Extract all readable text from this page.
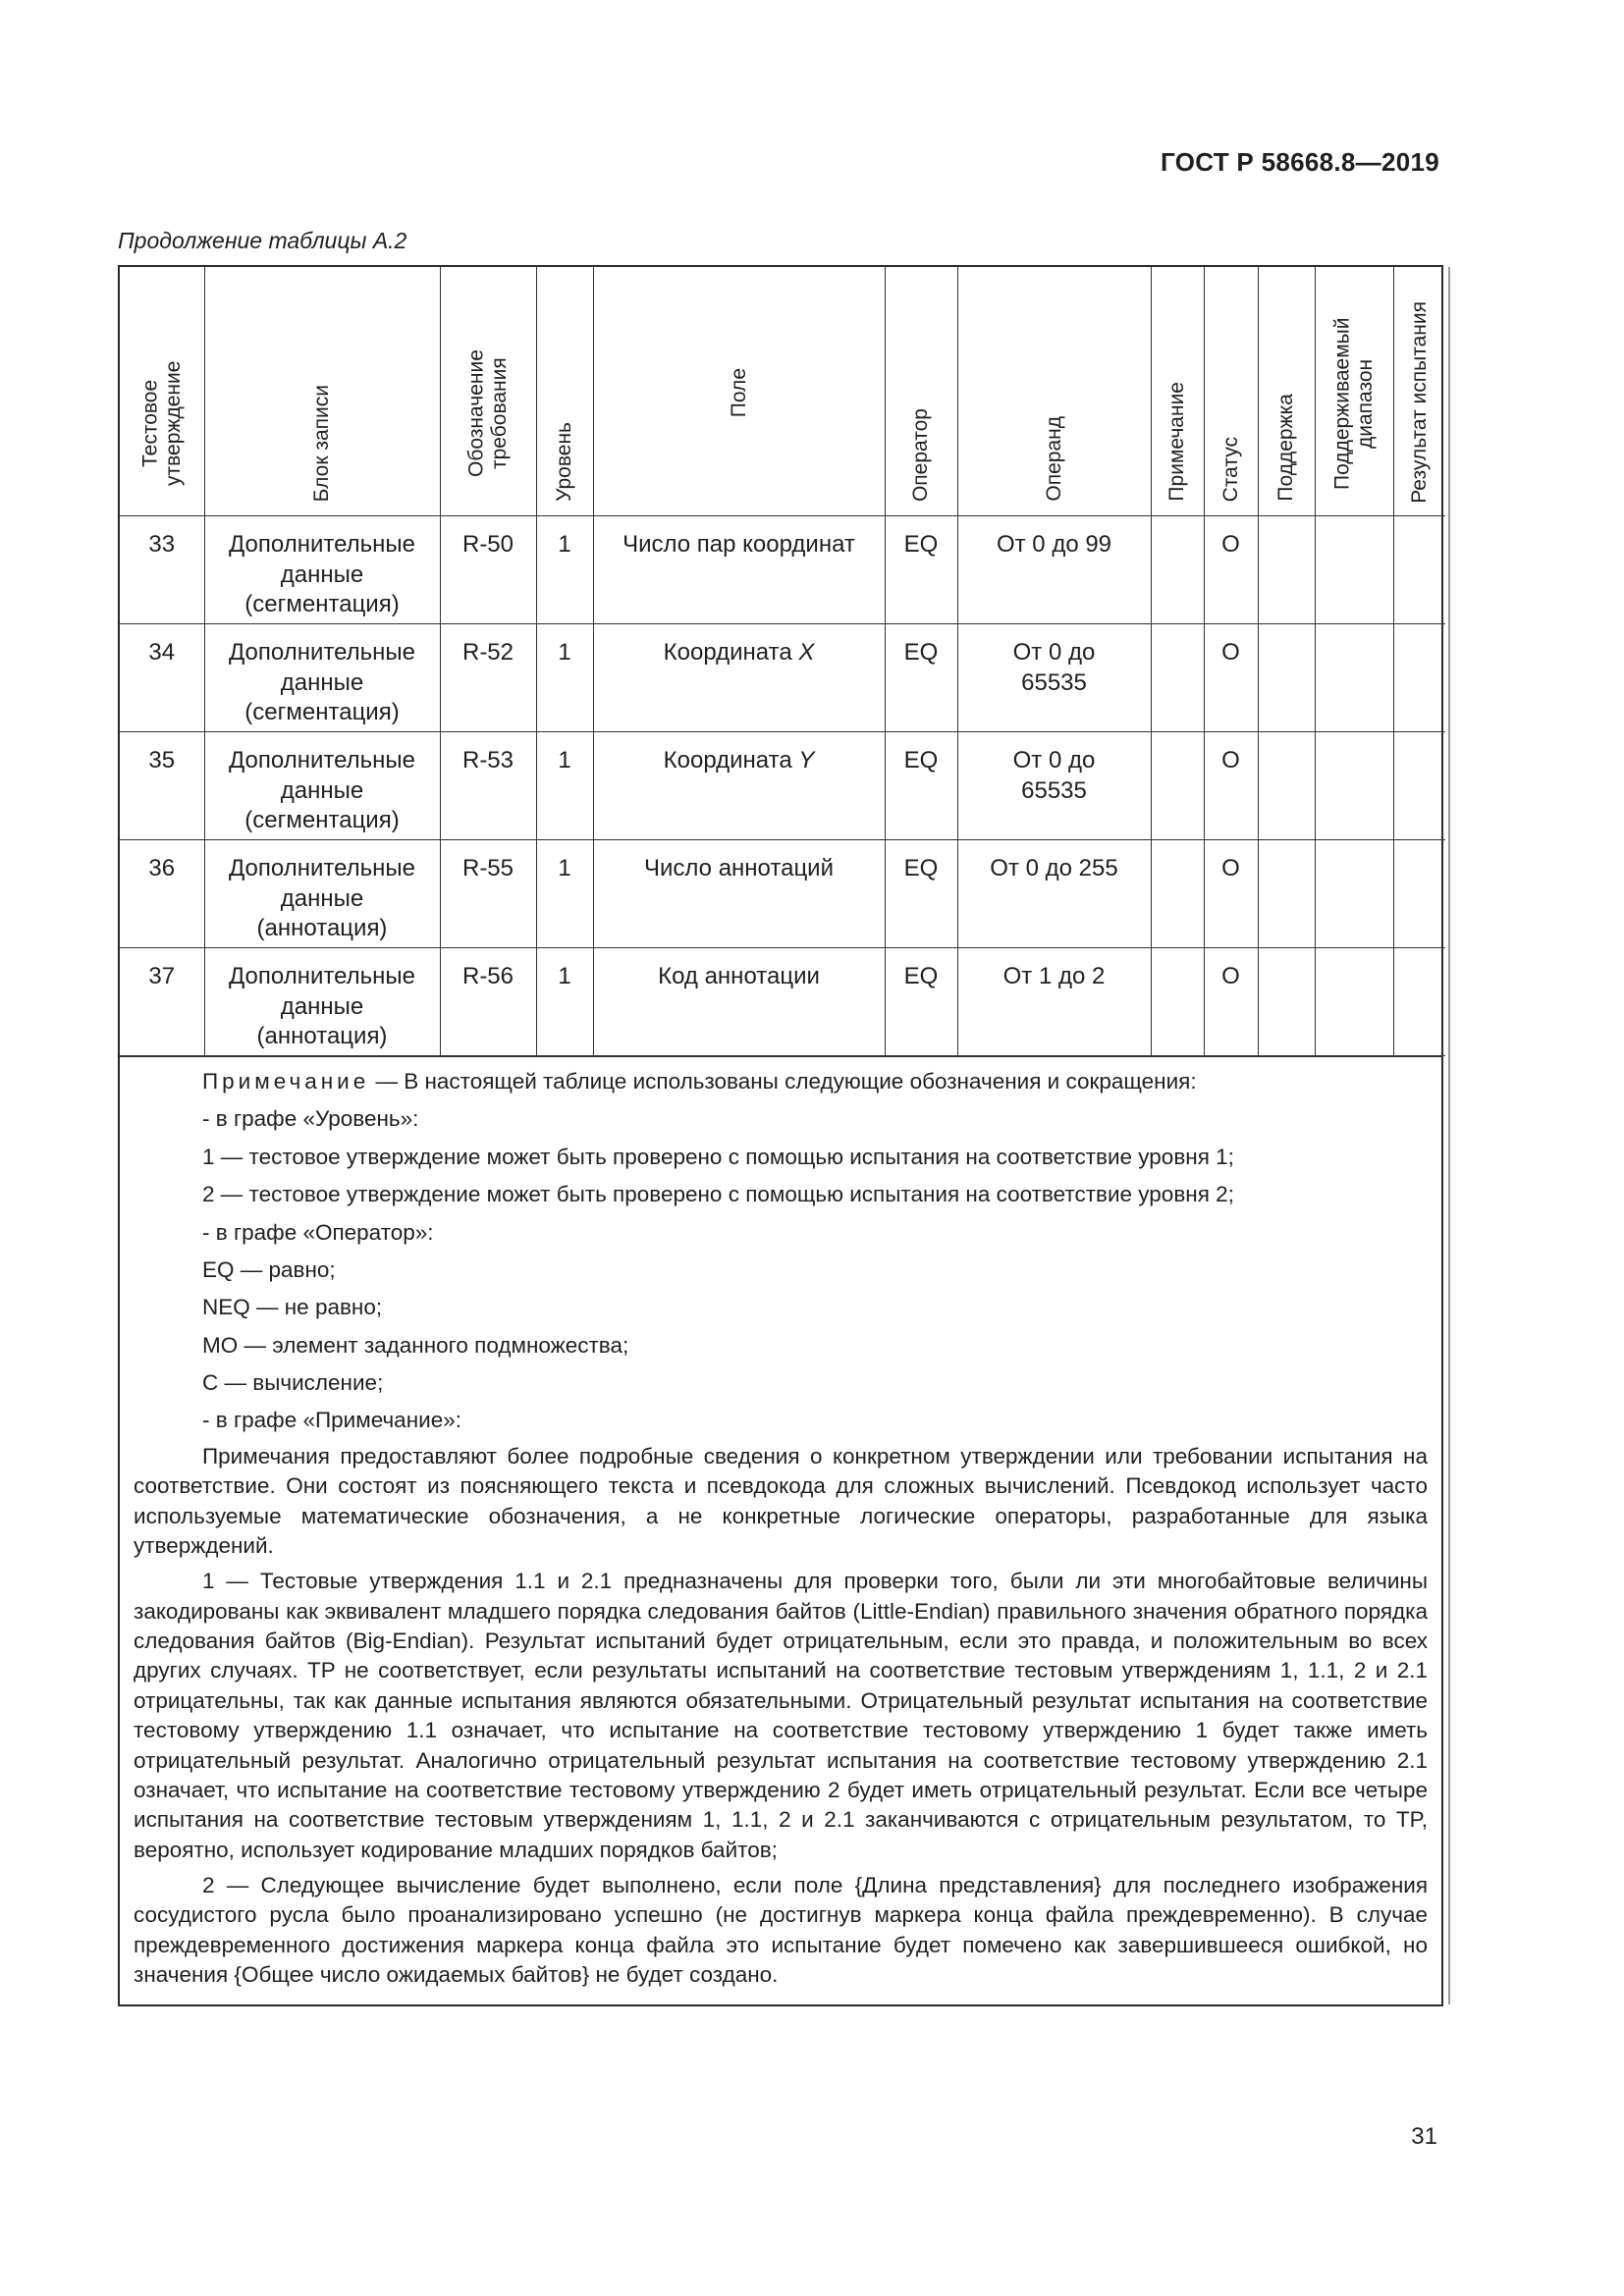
ГОСТ Р 58668.8—2019
Продолжение таблицы А.2
Тестовое утверждение	Блок записи	Обозначение требования	Уровень	Поле	Оператор	Операнд	Примечание	Статус	Поддержка	Поддерживаемый диапазон	Результат испытания

33	Дополнительные данные (сегментация)	R-50	1	Число пар координат	EQ	От 0 до 99		O			
34	Дополнительные данные (сегментация)	R-52	1	Координата X	EQ	От 0 до 65535		O			
35	Дополнительные данные (сегментация)	R-53	1	Координата Y	EQ	От 0 до 65535		O			
36	Дополнительные данные (аннотация)	R-55	1	Число аннотаций	EQ	От 0 до 255		O			
37	Дополнительные данные (аннотация)	R-56	1	Код аннотации	EQ	От 1 до 2		O			

Примечание — В настоящей таблице использованы следующие обозначения и сокращения:

- в графе «Уровень»:

1 — тестовое утверждение может быть проверено с помощью испытания на соответствие уровня 1;

2 — тестовое утверждение может быть проверено с помощью испытания на соответствие уровня 2;

- в графе «Оператор»:

EQ — равно;

NEQ — не равно;

MO — элемент заданного подмножества;

C — вычисление;

- в графе «Примечание»:

Примечания предоставляют более подробные сведения о конкретном утверждении или требовании испытания на соответствие. Они состоят из поясняющего текста и псевдокода для сложных вычислений. Псевдокод использует часто используемые математические обозначения, а не конкретные логические операторы, разработанные для языка утверждений.

1 — Тестовые утверждения 1.1 и 2.1 предназначены для проверки того, были ли эти многобайтовые величины закодированы как эквивалент младшего порядка следования байтов (Little-Endian) правильного значения обратного порядка следования байтов (Big-Endian). Результат испытаний будет отрицательным, если это правда, и положительным во всех других случаях. TP не соответствует, если результаты испытаний на соответствие тестовым утверждениям 1, 1.1, 2 и 2.1 отрицательны, так как данные испытания являются обязательными. Отрицательный результат испытания на соответствие тестовому утверждению 1.1 означает, что испытание на соответствие тестовому утверждению 1 будет также иметь отрицательный результат. Аналогично отрицательный результат испытания на соответствие тестовому утверждению 2.1 означает, что испытание на соответствие тестовому утверждению 2 будет иметь отрицательный результат. Если все четыре испытания на соответствие тестовым утверждениям 1, 1.1, 2 и 2.1 заканчиваются с отрицательным результатом, то TP, вероятно, использует кодирование младших порядков байтов;

2 — Следующее вычисление будет выполнено, если поле {Длина представления} для последнего изображения сосудистого русла было проанализировано успешно (не достигнув маркера конца файла преждевременно). В случае преждевременного достижения маркера конца файла это испытание будет помечено как завершившееся ошибкой, но значения {Общее число ожидаемых байтов} не будет создано.

31
